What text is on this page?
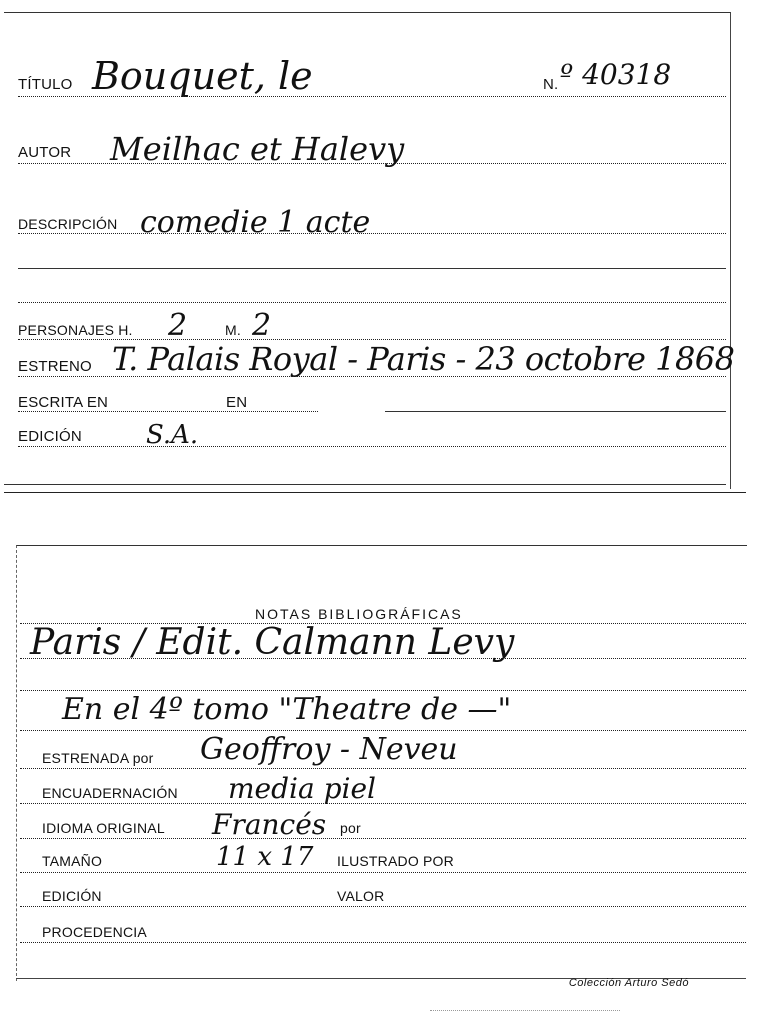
TÍTULO Bouquet, le	N. º 40318
AUTOR Meilhac et Halevy
DESCRIPCIÓN comedie 1 acte
PERSONAJES H. 2	M. 2
ESTRENO T. Palais Royal - Paris - 23 octobre 1868
ESCRITA EN	EN
EDICIÓN S.A.
NOTAS BIBLIOGRÁFICAS
Paris / Edit. Calmann Levy
En el 4º tomo "Theatre de —"
ESTRENADA por Geoffroy - Neveu
ENCUADERNACIÓN media piel
IDIOMA ORIGINAL Francés por
TAMAÑO	11 x 17 ILUSTRADO POR
EDICIÓN	VALOR
PROCEDENCIA
Colección Arturo Sedó
